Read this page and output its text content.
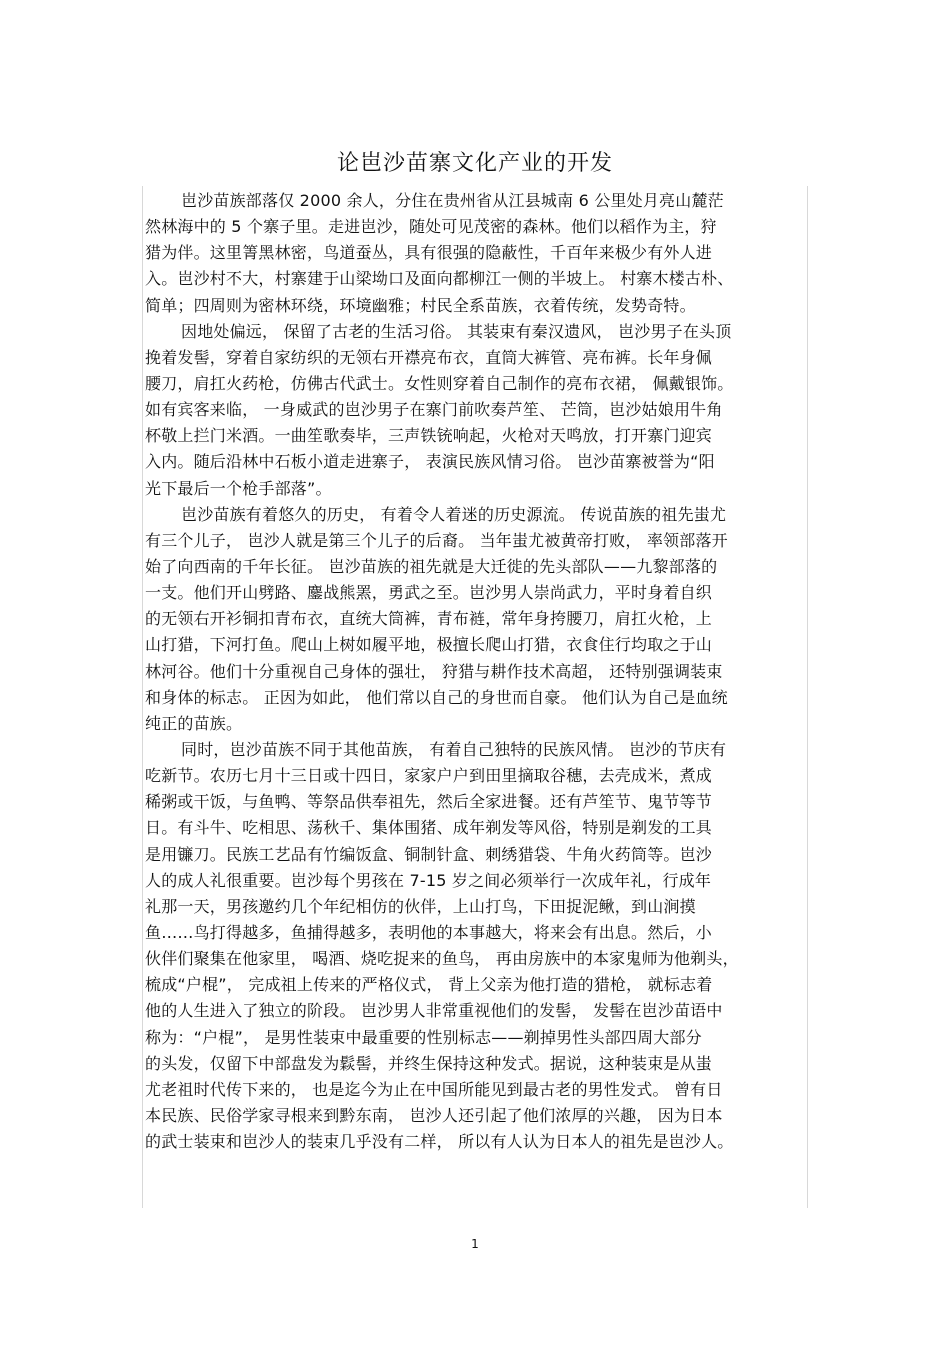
论岜沙苗寨文化产业的开发
岜沙苗族部落仅 2000 余人，分住在贵州省从江县城南 6 公里处月亮山麓茫
然林海中的 5 个寨子里。走进岜沙，随处可见茂密的森林。他们以稻作为主，狩
猎为伴。这里箐黑林密，鸟道蚕丛，具有很强的隐蔽性，千百年来极少有外人进
入。岜沙村不大，村寨建于山梁坳口及面向都柳江一侧的半坡上。 村寨木楼古朴、
简单；四周则为密林环绕，环境幽雅；村民全系苗族，衣着传统，发势奇特。
因地处偏远， 保留了古老的生活习俗。 其装束有秦汉遗风， 岜沙男子在头顶
挽着发髻，穿着自家纺织的无领右开襟亮布衣，直筒大裤管、亮布裤。长年身佩
腰刀，肩扛火药枪，仿佛古代武士。女性则穿着自己制作的亮布衣裙， 佩戴银饰。
如有宾客来临， 一身威武的岜沙男子在寨门前吹奏芦笙、 芒筒，岜沙姑娘用牛角
杯敬上拦门米酒。一曲笙歌奏毕，三声铁铳响起，火枪对天鸣放，打开寨门迎宾
入内。随后沿林中石板小道走进寨子， 表演民族风情习俗。 岜沙苗寨被誉为“阳
光下最后一个枪手部落”。
岜沙苗族有着悠久的历史， 有着令人着迷的历史源流。 传说苗族的祖先蚩尤
有三个儿子， 岜沙人就是第三个儿子的后裔。 当年蚩尤被黄帝打败， 率领部落开
始了向西南的千年长征。 岜沙苗族的祖先就是大迁徙的先头部队——九黎部落的
一支。他们开山劈路、鏖战熊罴，勇武之至。岜沙男人崇尚武力，平时身着自织
的无领右开衫铜扣青布衣，直统大筒裤，青布裢，常年身挎腰刀，肩扛火枪，上
山打猎，下河打鱼。爬山上树如履平地，极擅长爬山打猎，衣食住行均取之于山
林河谷。他们十分重视自己身体的强壮， 狩猎与耕作技术高超， 还特别强调装束
和身体的标志。 正因为如此， 他们常以自己的身世而自豪。 他们认为自己是血统
纯正的苗族。
同时，岜沙苗族不同于其他苗族， 有着自己独特的民族风情。 岜沙的节庆有
吃新节。农历七月十三日或十四日，家家户户到田里摘取谷穗，去壳成米，煮成
稀粥或干饭，与鱼鸭、等祭品供奉祖先，然后全家进餐。还有芦笙节、鬼节等节
日。有斗牛、吃相思、荡秋千、集体围猪、成年剃发等风俗，特别是剃发的工具
是用镰刀。民族工艺品有竹编饭盒、铜制针盒、刺绣猎袋、牛角火药筒等。岜沙
人的成人礼很重要。岜沙每个男孩在 7-15 岁之间必须举行一次成年礼，行成年
礼那一天，男孩邀约几个年纪相仿的伙伴，上山打鸟，下田捉泥鳅，到山涧摸
鱼……鸟打得越多，鱼捕得越多，表明他的本事越大，将来会有出息。然后，小
伙伴们聚集在他家里， 喝酒、烧吃捉来的鱼鸟， 再由房族中的本家鬼师为他剃头，
梳成“户棍”， 完成祖上传来的严格仪式， 背上父亲为他打造的猎枪， 就标志着
他的人生进入了独立的阶段。 岜沙男人非常重视他们的发髻， 发髻在岜沙苗语中
称为：“户棍”， 是男性装束中最重要的性别标志——剃掉男性头部四周大部分
的头发，仅留下中部盘发为鬏髻，并终生保持这种发式。据说，这种装束是从蚩
尤老祖时代传下来的， 也是迄今为止在中国所能见到最古老的男性发式。 曾有日
本民族、民俗学家寻根来到黔东南， 岜沙人还引起了他们浓厚的兴趣， 因为日本
的武士装束和岜沙人的装束几乎没有二样， 所以有人认为日本人的祖先是岜沙人。
1
